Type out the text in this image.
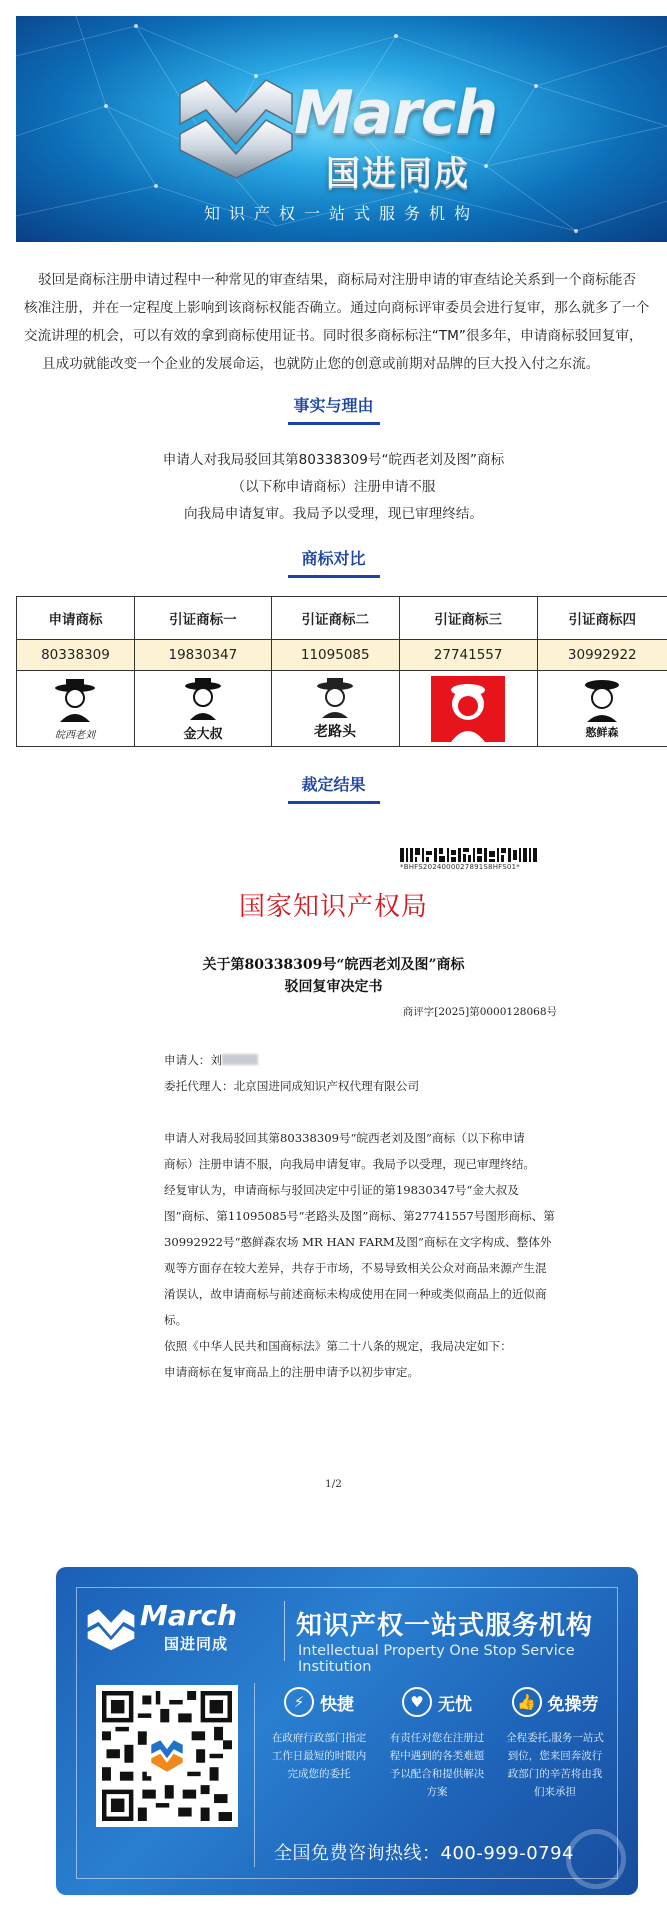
March
国进同成
知识产权一站式服务机构

驳回是商标注册申请过程中一种常见的审查结果，商标局对注册申请的审查结论关系到一个商标能否

核准注册，并在一定程度上影响到该商标权能否确立。通过向商标评审委员会进行复审，那么就多了一个

交流讲理的机会，可以有效的拿到商标使用证书。同时很多商标标注“TM”很多年，申请商标驳回复审，

且成功就能改变一个企业的发展命运，也就防止您的创意或前期对品牌的巨大投入付之东流。

事实与理由
申请人对我局驳回其第80338309号“皖西老刘及图”商标
（以下称申请商标）注册申请不服
向我局申请复审。我局予以受理，现已审理终结。
商标对比
申请商标	引证商标一	引证商标二	引证商标三	引证商标四
80338309	19830347	11095085	27741557	30992922

皖西老刘	金大叔	老路头		憨鲜森
裁定结果
*BHFS2024000027891S8HFS01*
国家知识产权局
关于第80338309号“皖西老刘及图”商标
驳回复审决定书
商评字[2025]第0000128068号
申请人：刘
委托代理人：北京国进同成知识产权代理有限公司
申请人对我局驳回其第80338309号“皖西老刘及图”商标（以下称申请
商标）注册申请不服，向我局申请复审。我局予以受理，现已审理终结。
经复审认为，申请商标与驳回决定中引证的第19830347号“金大叔及
图”商标、第11095085号“老路头及图”商标、第27741557号图形商标、第
30992922号“憨鲜森农场 MR HAN FARM及图”商标在文字构成、整体外
观等方面存在较大差异，共存于市场，不易导致相关公众对商品来源产生混
淆误认，故申请商标与前述商标未构成使用在同一种或类似商品上的近似商
标。
依照《中华人民共和国商标法》第二十八条的规定，我局决定如下：
申请商标在复审商品上的注册申请予以初步审定。
1/2
March
国进同成
知识产权一站式服务机构
Intellectual Property One Stop Service Institution
⚡ 快捷
在政府行政部门指定工作日最短的时限内完成您的委托
♥ 无忧
有责任对您在注册过程中遇到的各类难题予以配合和提供解决方案
👍 免操劳
全程委托,服务一站式到位，您来回奔波行政部门的辛苦将由我们来承担
全国免费咨询热线：400-999-0794
